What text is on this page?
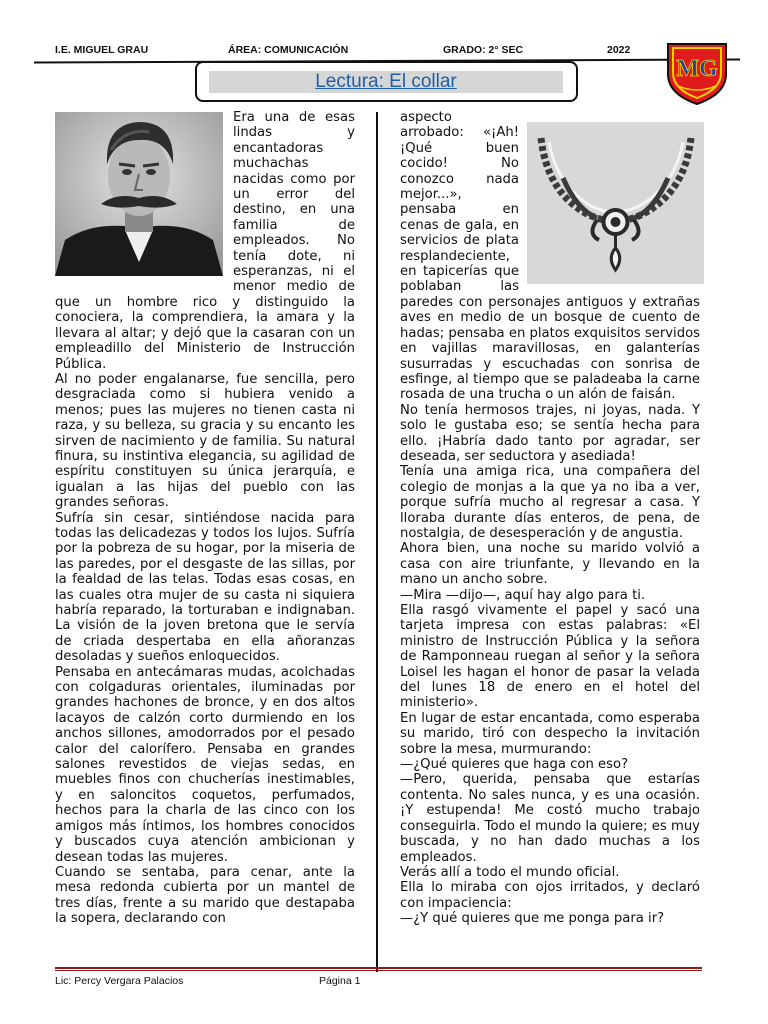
I.E. MIGUEL GRAU	ÁREA: COMUNICACIÓN	GRADO: 2° SEC	2022
MG
Lectura: El collar

Era una de esas lindas y encantadoras muchachas nacidas como por un error del destino, en una familia de empleados. No tenía dote, ni esperanzas, ni el menor medio de que un hombre rico y distinguido la conociera, la comprendiera, la amara y la llevara al altar; y dejó que la casaran con un empleadillo del Ministerio de Instrucción Pública.

Al no poder engalanarse, fue sencilla, pero desgraciada como si hubiera venido a menos; pues las mujeres no tienen casta ni raza, y su belleza, su gracia y su encanto les sirven de nacimiento y de familia. Su natural finura, su instintiva elegancia, su agilidad de espíritu constituyen su única jerarquía, e igualan a las hijas del pueblo con las grandes señoras.

Sufría sin cesar, sintiéndose nacida para todas las delicadezas y todos los lujos. Sufría por la pobreza de su hogar, por la miseria de las paredes, por el desgaste de las sillas, por la fealdad de las telas. Todas esas cosas, en las cuales otra mujer de su casta ni siquiera habría reparado, la torturaban e indignaban. La visión de la joven bretona que le servía de criada despertaba en ella añoranzas desoladas y sueños enloquecidos.

Pensaba en antecámaras mudas, acolchadas con colgaduras orientales, iluminadas por grandes hachones de bronce, y en dos altos lacayos de calzón corto durmiendo en los anchos sillones, amodorrados por el pesado calor del calorífero. Pensaba en grandes salones revestidos de viejas sedas, en muebles finos con chucherías inestimables, y en saloncitos coquetos, perfumados, hechos para la charla de las cinco con los amigos más íntimos, los hombres conocidos y buscados cuya atención ambicionan y desean todas las mujeres.

Cuando se sentaba, para cenar, ante la mesa redonda cubierta por un mantel de tres días, frente a su marido que destapaba la sopera, declarando con

aspecto arrobado: «¡Ah! ¡Qué buen cocido! No conozco nada mejor...», pensaba en cenas de gala, en servicios de plata resplandeciente, en tapicerías que poblaban las paredes con personajes antiguos y extrañas aves en medio de un bosque de cuento de hadas; pensaba en platos exquisitos servidos en vajillas maravillosas, en galanterías susurradas y escuchadas con sonrisa de esfinge, al tiempo que se paladeaba la carne rosada de una trucha o un alón de faisán.

No tenía hermosos trajes, ni joyas, nada. Y solo le gustaba eso; se sentía hecha para ello. ¡Habría dado tanto por agradar, ser deseada, ser seductora y asediada!

Tenía una amiga rica, una compañera del colegio de monjas a la que ya no iba a ver, porque sufría mucho al regresar a casa. Y lloraba durante días enteros, de pena, de nostalgia, de desesperación y de angustia.

Ahora bien, una noche su marido volvió a casa con aire triunfante, y llevando en la mano un ancho sobre.

—Mira —dijo—, aquí hay algo para ti.

Ella rasgó vivamente el papel y sacó una tarjeta impresa con estas palabras: «El ministro de Instrucción Pública y la señora de Ramponneau ruegan al señor y la señora Loisel les hagan el honor de pasar la velada del lunes 18 de enero en el hotel del ministerio».

En lugar de estar encantada, como esperaba su marido, tiró con despecho la invitación sobre la mesa, murmurando:

—¿Qué quieres que haga con eso?

—Pero, querida, pensaba que estarías contenta. No sales nunca, y es una ocasión. ¡Y estupenda! Me costó mucho trabajo conseguirla. Todo el mundo la quiere; es muy buscada, y no han dado muchas a los empleados.

Verás allí a todo el mundo oficial.

Ella lo miraba con ojos irritados, y declaró con impaciencia:

—¿Y qué quieres que me ponga para ir?

Lic: Percy Vergara Palacios	Página 1
